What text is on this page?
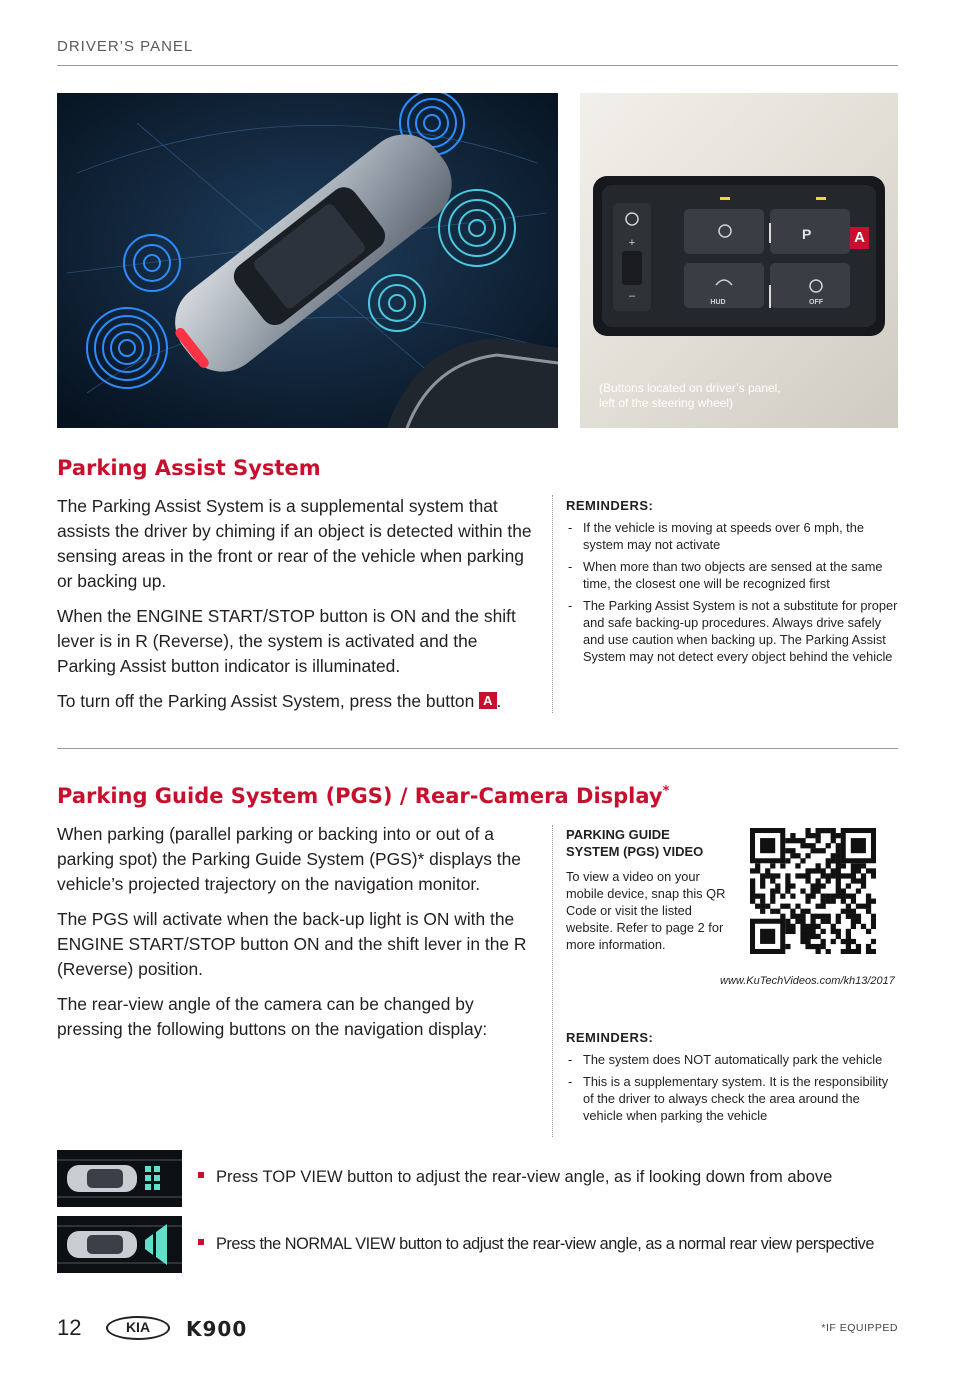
DRIVER’S PANEL
+
–
P
HUD	OFF
A
(Buttons located on driver’s panel,
left of the steering wheel)
Parking Assist System

The Parking Assist System is a supplemental system that assists the driver by chiming if an object is detected within the sensing areas in the front or rear of the vehicle when parking or backing up.

When the ENGINE START/STOP button is ON and the shift lever is in R (Reverse), the system is activated and the Parking Assist button indicator is illuminated.

To turn off the Parking Assist System, press the button A .

REMINDERS:
- If the vehicle is moving at speeds over 6 mph, the system may not activate
- When more than two objects are sensed at the same time, the closest one will be recognized first
- The Parking Assist System is not a substitute for proper and safe backing-up procedures. Always drive safely and use caution when backing up. The Parking Assist System may not detect every object behind the vehicle
Parking Guide System (PGS) / Rear-Camera Display*

When parking (parallel parking or backing into or out of a parking spot) the Parking Guide System (PGS)* displays the vehicle’s projected trajectory on the navigation monitor.

The PGS will activate when the back-up light is ON with the ENGINE START/STOP button ON and the shift lever in the R (Reverse) position.

The rear-view angle of the camera can be changed by pressing the following buttons on the navigation display:

PARKING GUIDE
SYSTEM (PGS) VIDEO
To view a video on your mobile device, snap this QR Code or visit the listed website. Refer to page 2 for more information.
www.KuTechVideos.com/kh13/2017
REMINDERS:
- The system does NOT automatically park the vehicle
- This is a supplementary system. It is the responsibility of the driver to always check the area around the vehicle when parking the vehicle
Press TOP VIEW button to adjust the rear-view angle, as if looking down from above
Press the NORMAL VIEW button to adjust the rear-view angle, as a normal rear view perspective
12	KIA	K900	*IF EQUIPPED
